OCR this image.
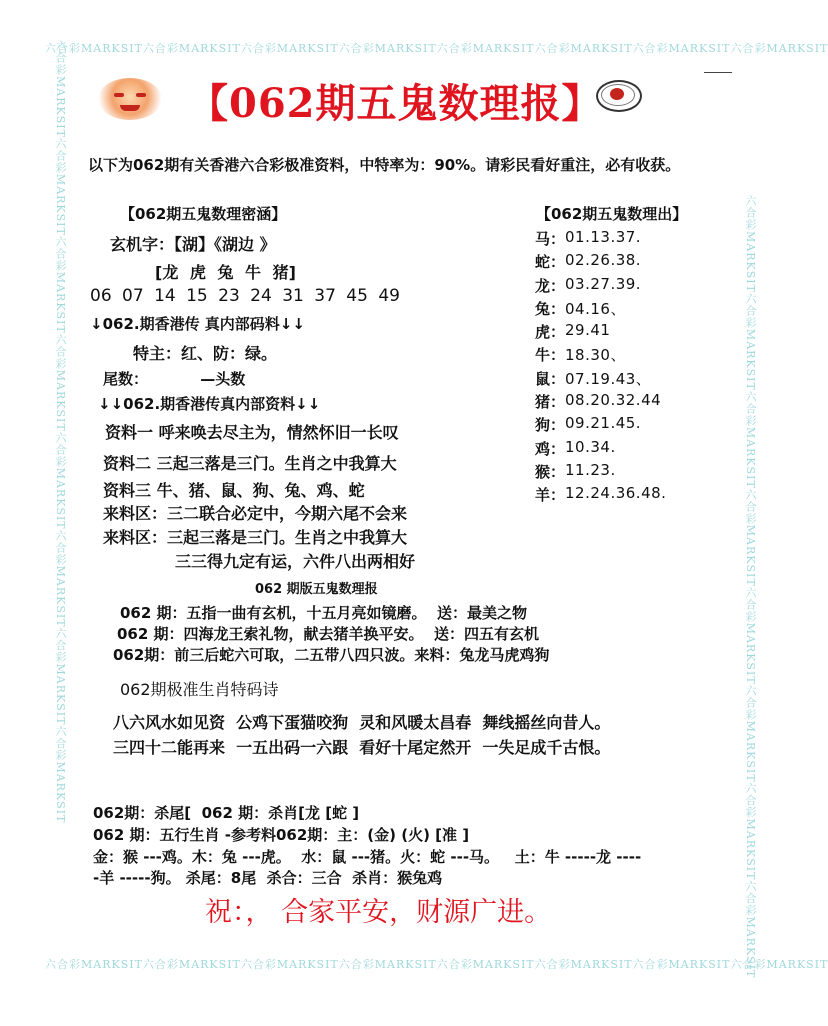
六合彩MARKSIT六合彩MARKSIT六合彩MARKSIT六合彩MARKSIT六合彩MARKSIT六合彩MARKSIT六合彩MARKSIT六合彩MARKSIT
六合彩MARKSIT六合彩MARKSIT六合彩MARKSIT六合彩MARKSIT六合彩MARKSIT六合彩MARKSIT六合彩MARKSIT六合彩MARKSIT
六合彩MARKSIT六合彩MARKSIT六合彩MARKSIT六合彩MARKSIT六合彩MARKSIT六合彩MARKSIT六合彩MARKSIT六合彩MARKSIT	六合彩MARKSIT六合彩MARKSIT六合彩MARKSIT六合彩MARKSIT六合彩MARKSIT六合彩MARKSIT六合彩MARKSIT六合彩MARKSIT
【062期五鬼数理报】
以下为062期有关香港六合彩极准资料，中特率为：90%。请彩民看好重注，必有收获。
【062期五鬼数理密涵】
玄机字：【湖】《湖边 》
[龙 虎 兔 牛 猪]
06 07 14 15 23 24 31 37 45 49
↓062.期香港传 真内部码料↓↓
特主：红、防：绿。
尾数：          —头数
↓↓062.期香港传真内部资料↓↓
资料一 呼来唤去尽主为，情然怀旧一长叹
资料二 三起三落是三门。生肖之中我算大
资料三 牛、猪、鼠、狗、兔、鸡、蛇
来料区：三二联合必定中，今期六尾不会来
来料区：三起三落是三门。生肖之中我算大
三三得九定有运，六件八出两相好
【062期五鬼数理出】
马： 01.13.37.
蛇： 02.26.38.
龙： 03.27.39.
兔： 04.16、
虎： 29.41
牛： 18.30、
鼠： 07.19.43、
猪： 08.20.32.44
狗： 09.21.45.
鸡： 10.34.
猴： 11.23.
羊： 12.24.36.48.
062 期版五鬼数理报
062 期：五指一曲有玄机，十五月亮如镜磨。  送：最美之物
062 期：四海龙王索礼物，献去猪羊换平安。  送：四五有玄机
062期：前三后蛇六可取，二五带八四只波。来料：兔龙马虎鸡狗
062期极准生肖特码诗
八六风水如见资  公鸡下蛋猫咬狗  灵和风暖太昌春  舞线摇丝向昔人。
三四十二能再来  一五出码一六跟  看好十尾定然开  一失足成千古恨。
062期：杀尾[  062 期：杀肖[龙 [蛇 ]
062 期：五行生肖 -参考料062期：主：(金) (火) [准 ]
金：猴 ---鸡。木：兔 ---虎。  水：鼠 ---猪。火：蛇 ---马。   土：牛 -----龙 ----
-羊 -----狗。 杀尾：8尾  杀合：三合  杀肖：猴兔鸡
祝：， 合家平安，财源广进。
